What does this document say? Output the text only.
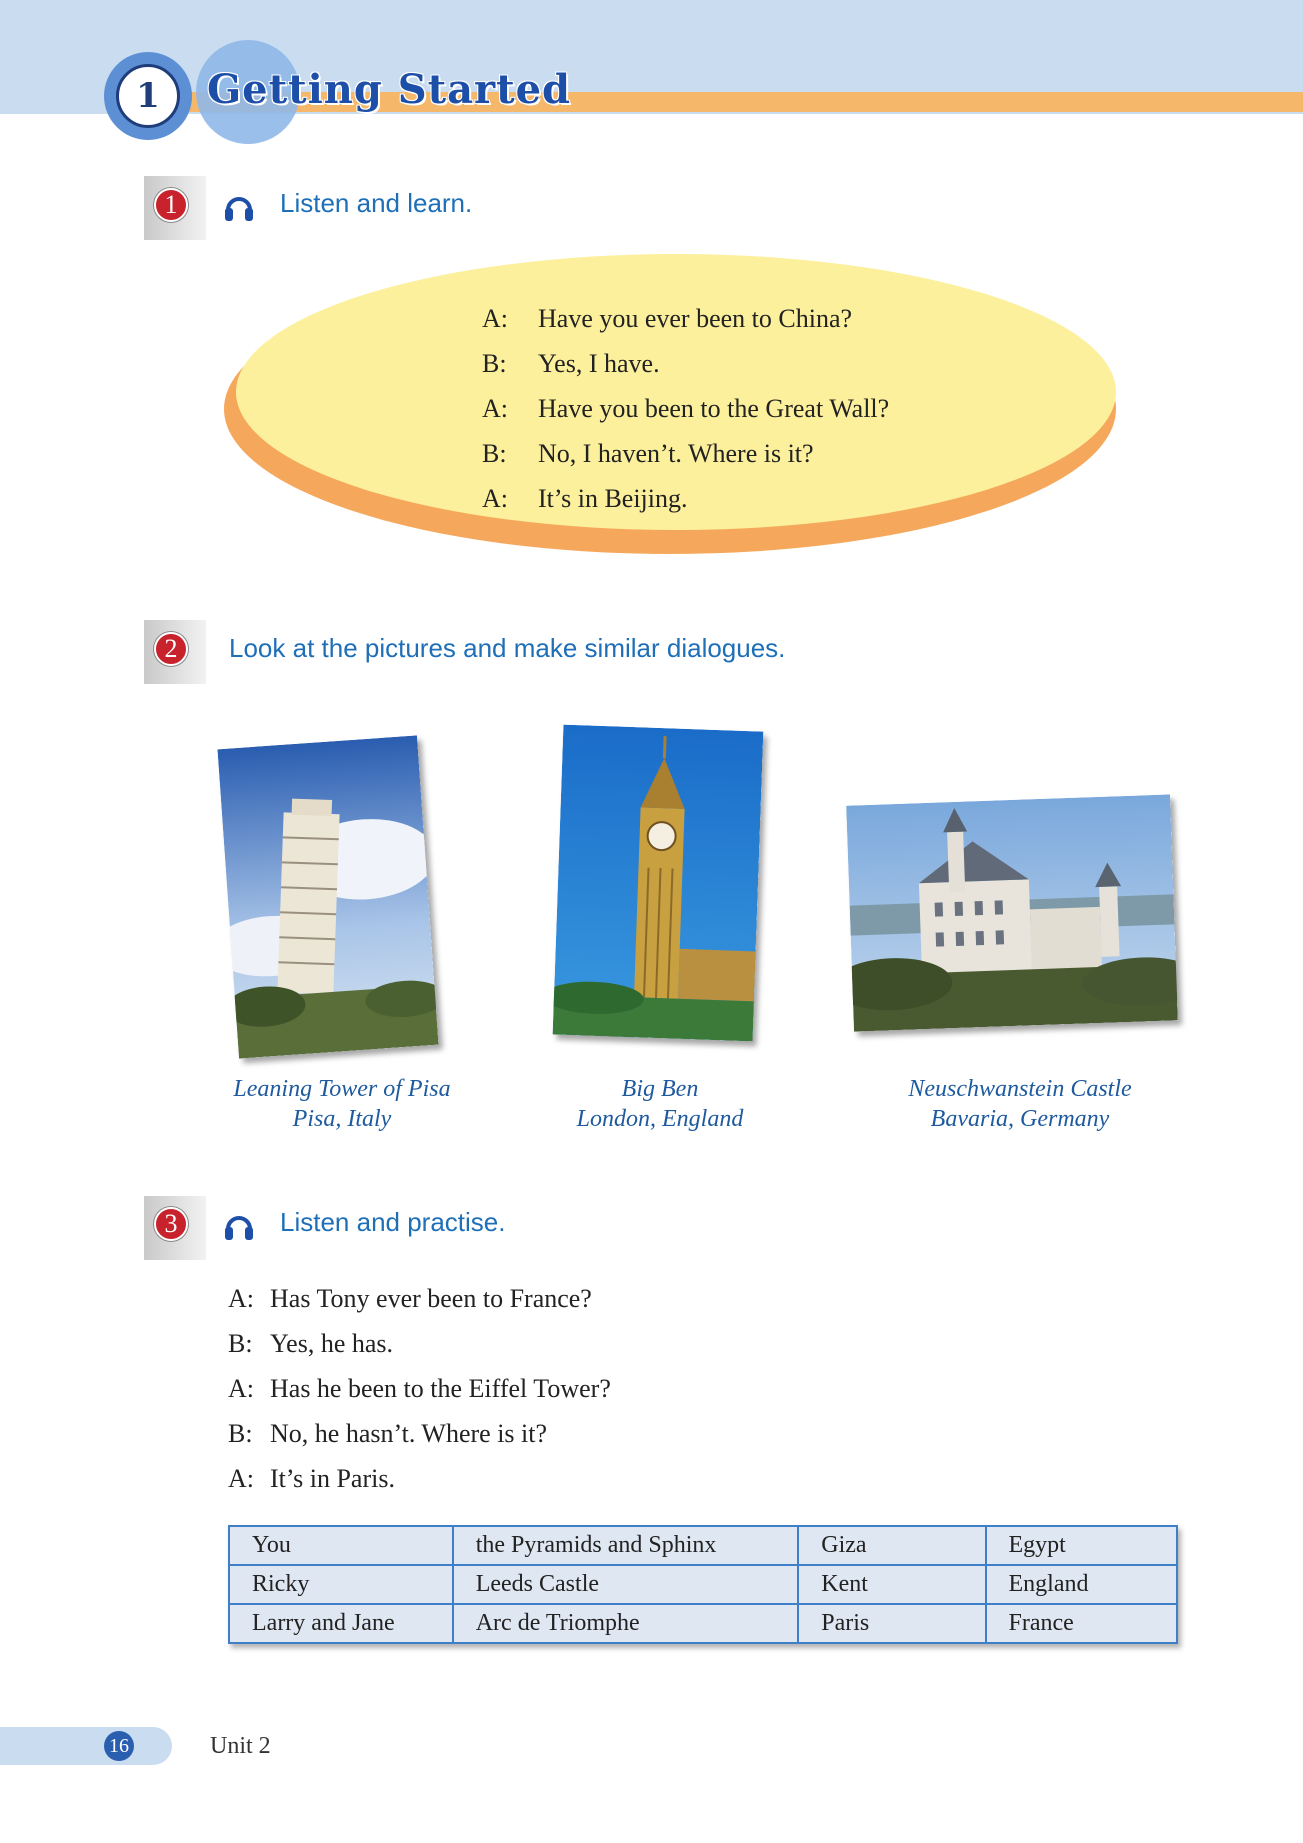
1	Getting Started
1	Listen and learn.
A: Have you ever been to China?
B: Yes, I have.
A: Have you been to the Great Wall?
B: No, I haven’t. Where is it?
A: It’s in Beijing.
2	Look at the pictures and make similar dialogues.
Leaning Tower of Pisa
Pisa, Italy
Big Ben
London, England
Neuschwanstein Castle
Bavaria, Germany
3	Listen and practise.
A: Has Tony ever been to France?
B: Yes, he has.
A: Has he been to the Eiffel Tower?
B: No, he hasn’t. Where is it?
A: It’s in Paris.
You	the Pyramids and Sphinx	Giza	Egypt
Ricky	Leeds Castle	Kent	England
Larry and Jane	Arc de Triomphe	Paris	France
16	Unit 2
